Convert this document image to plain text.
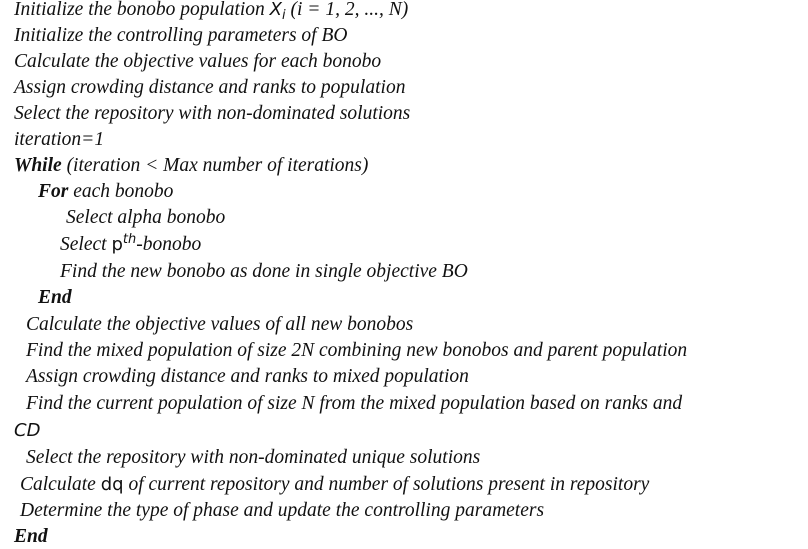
Initialize the bonobo population $X_i$ (i = 1, 2, ..., N)
Initialize the controlling parameters of BO
Calculate the objective values for each bonobo
Assign crowding distance and ranks to population
Select the repository with non-dominated solutions
iteration=1
While (iteration < Max number of iterations)
For each bonobo
Select alpha bonobo
Select $p^{th}$-bonobo
Find the new bonobo as done in single objective BO
End
Calculate the objective values of all new bonobos
Find the mixed population of size 2N combining new bonobos and parent population
Assign crowding distance and ranks to mixed population
Find the current population of size N from the mixed population based on ranks and
CD
Select the repository with non-dominated unique solutions
Calculate dq of current repository and number of solutions present in repository
Determine the type of phase and update the controlling parameters
End
